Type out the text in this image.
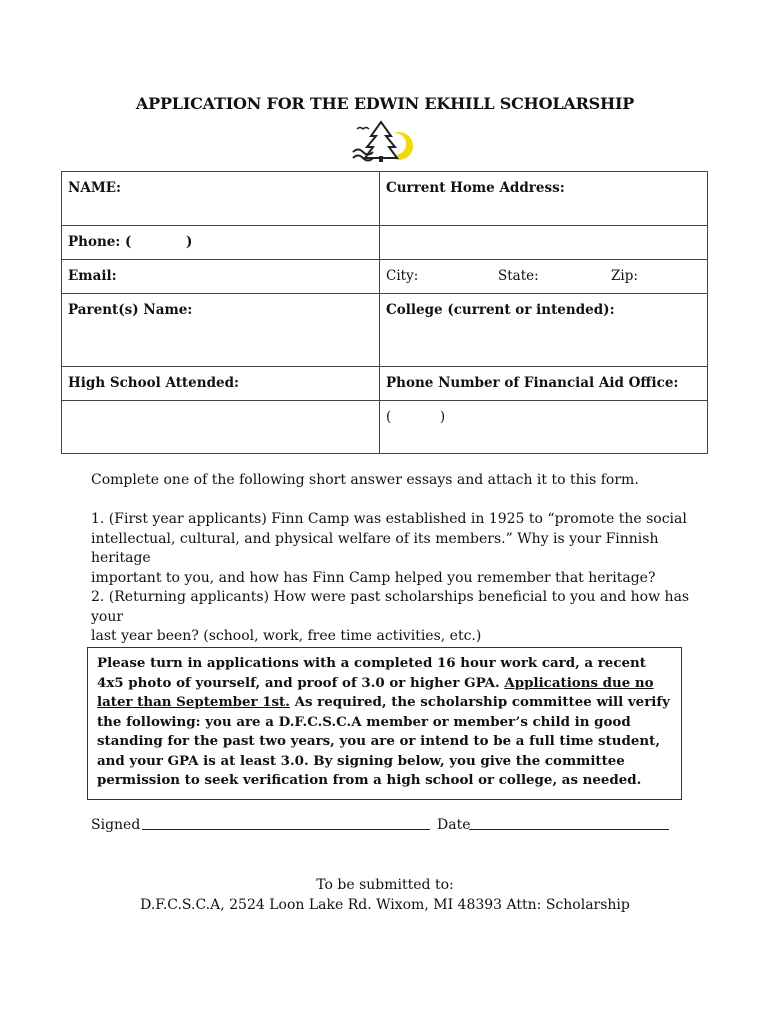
APPLICATION FOR THE EDWIN EKHILL SCHOLARSHIP
NAME:	Current Home Address:
Phone: ( )	
Email:	City: State: Zip:

Parent(s) Name:	College (current or intended):
High School Attended:	Phone Number of Financial Aid Office:
	( )
Complete one of the following short answer essays and attach it to this form.
1. (First year applicants) Finn Camp was established in 1925 to “promote the social
intellectual, cultural, and physical welfare of its members.” Why is your Finnish heritage
important to you, and how has Finn Camp helped you remember that heritage?
2. (Returning applicants) How were past scholarships beneficial to you and how has your
last year been? (school, work, free time activities, etc.)
Please turn in applications with a completed 16 hour work card, a recent 4x5 photo of yourself, and proof of 3.0 or higher GPA. Applications due no later than September 1st. As required, the scholarship committee will verify the following: you are a D.F.C.S.C.A member or member’s child in good standing for the past two years, you are or intend to be a full time student, and your GPA is at least 3.0. By signing below, you give the committee permission to seek verification from a high school or college, as needed.
Signed	Date
To be submitted to:
D.F.C.S.C.A, 2524 Loon Lake Rd. Wixom, MI 48393 Attn: Scholarship
